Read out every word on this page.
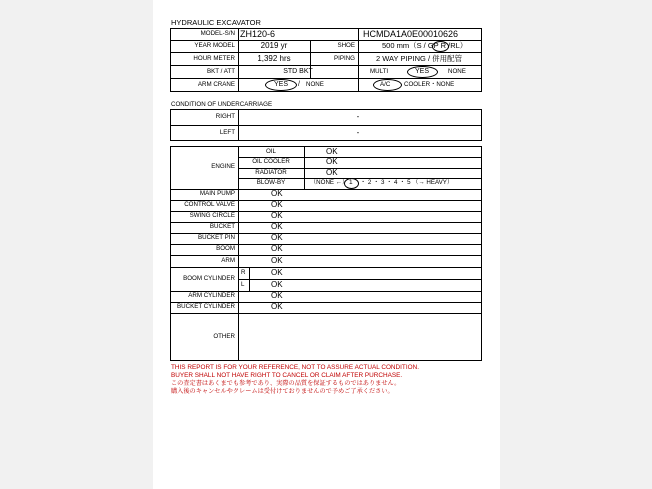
HYDRAULIC EXCAVATOR
MODEL-S/N ZH120-6	HCMDA1A0E00010626
YEAR MODEL	2019 yr	SHOE	500 mm（S / GP R /RL）
HOUR METER	1,392 hrs	PIPING	2 WAY PIPING / 併用配管
BKT / ATT	STD BKT	MULTI	YES	NONE
ARM CRANE	YES / NONE	A/C COOLER・NONE
CONDITION OF UNDERCARRIAGE
RIGHT	-
LEFT	-
ENGINE
OIL	OK
OIL COOLER	OK
RADIATOR	OK
BLOW-BY	（NONE ←） 1 ・ 2 ・ 3 ・ 4 ・ 5 （→ HEAVY）
MAIN PUMP	OK
CONTROL VALVE	OK
SWING CIRCLE	OK
BUCKET	OK
BUCKET PIN	OK
BOOM	OK
ARM	OK
BOOM CYLINDER
R	OK
L	OK
ARM CYLINDER	OK
BUCKET CYLINDER	OK
OTHER
THIS REPORT IS FOR YOUR REFERENCE, NOT TO ASSURE ACTUAL CONDITION.
BUYER SHALL NOT HAVE RIGHT TO CANCEL OR CLAIM AFTER PURCHASE.
この査定書はあくまでも参考であり、実際の品質を保証するものではありません。
購入後のキャンセルやクレームは受付けておりませんので予めご了承ください。
